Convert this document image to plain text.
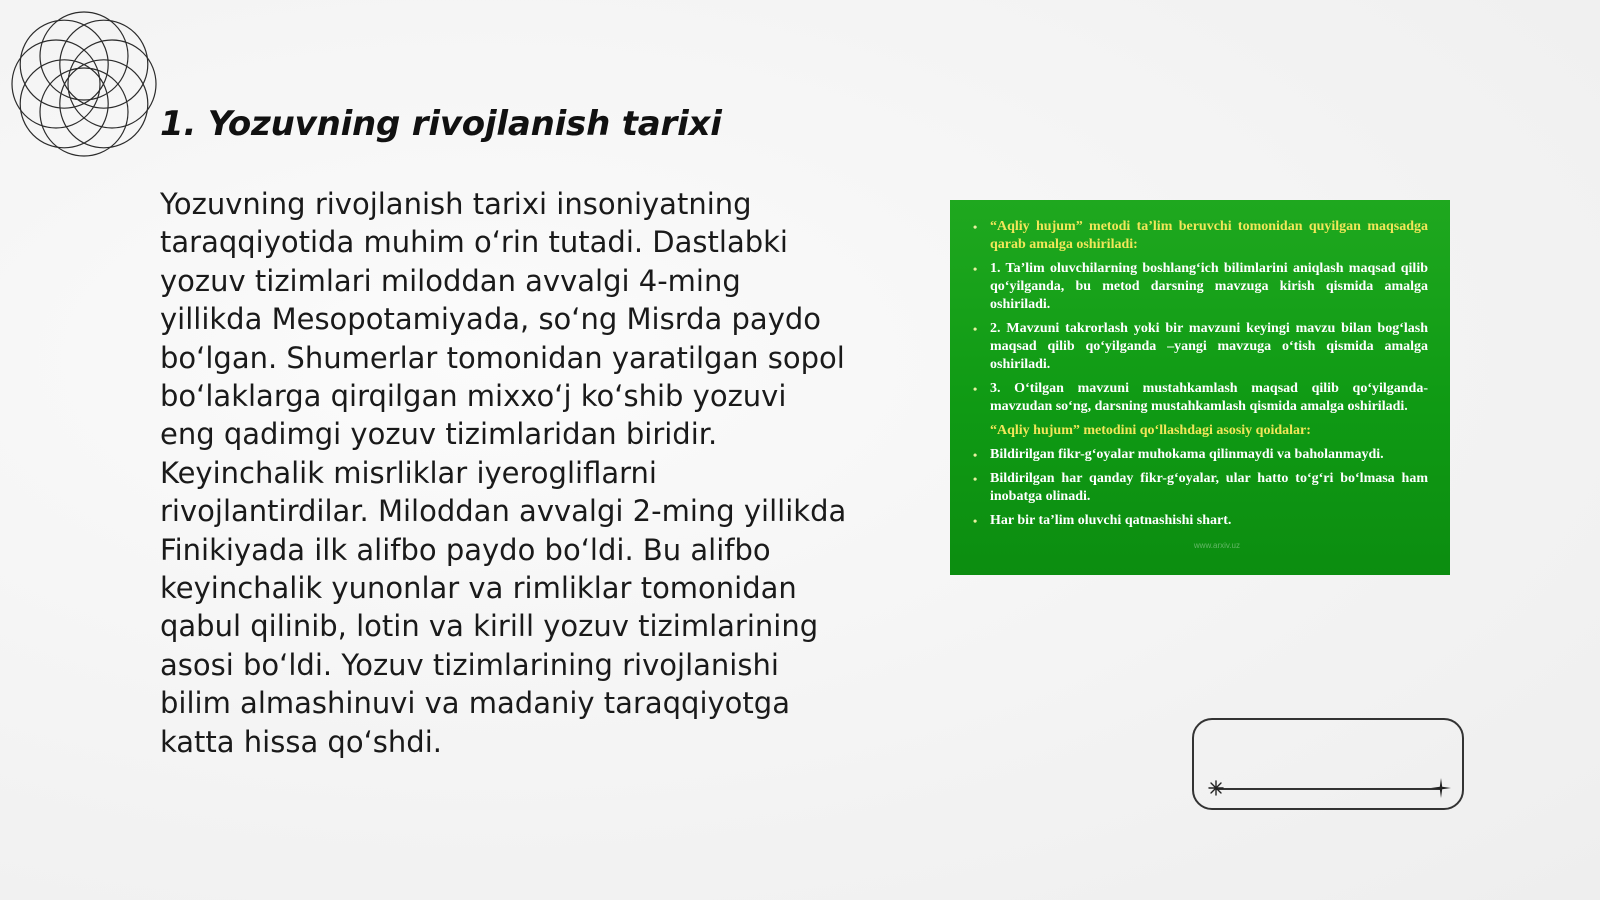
1. Yozuvning rivojlanish tarixi

Yozuvning rivojlanish tarixi insoniyatning taraqqiyotida muhim o‘rin tutadi. Dastlabki yozuv tizimlari miloddan avvalgi 4-ming yillikda Mesopotamiyada, so‘ng Misrda paydo bo‘lgan. Shumerlar tomonidan yaratilgan sopol bo‘laklarga qirqilgan mixxo‘j ko‘shib yozuvi eng qadimgi yozuv tizimlaridan biridir. Keyinchalik misrliklar iyerogliflarni rivojlantirdilar. Miloddan avvalgi 2-ming yillikda Finikiyada ilk alifbo paydo bo‘ldi. Bu alifbo keyinchalik yunonlar va rimliklar tomonidan qabul qilinib, lotin va kirill yozuv tizimlarining asosi bo‘ldi. Yozuv tizimlarining rivojlanishi bilim almashinuvi va madaniy taraqqiyotga katta hissa qo‘shdi.

• “Aqliy hujum” metodi ta’lim beruvchi tomonidan quyilgan maqsadga qarab amalga oshiriladi:
• 1. Ta’lim oluvchilarning boshlang‘ich bilimlarini aniqlash maqsad qilib qo‘yilganda, bu metod darsning mavzuga kirish qismida amalga oshiriladi.
• 2. Mavzuni takrorlash yoki bir mavzuni keyingi mavzu bilan bog‘lash maqsad qilib qo‘yilganda –yangi mavzuga o‘tish qismida amalga oshiriladi.
• 3. O‘tilgan mavzuni mustahkamlash maqsad qilib qo‘yilganda-mavzudan so‘ng, darsning mustahkamlash qismida amalga oshiriladi.
“Aqliy hujum” metodini qo‘llashdagi asosiy qoidalar:
• Bildirilgan fikr-g‘oyalar muhokama qilinmaydi va baholanmaydi.
• Bildirilgan har qanday fikr-g‘oyalar, ular hatto to‘g‘ri bo‘lmasa ham inobatga olinadi.
• Har bir ta’lim oluvchi qatnashishi shart.
www.arxiv.uz
